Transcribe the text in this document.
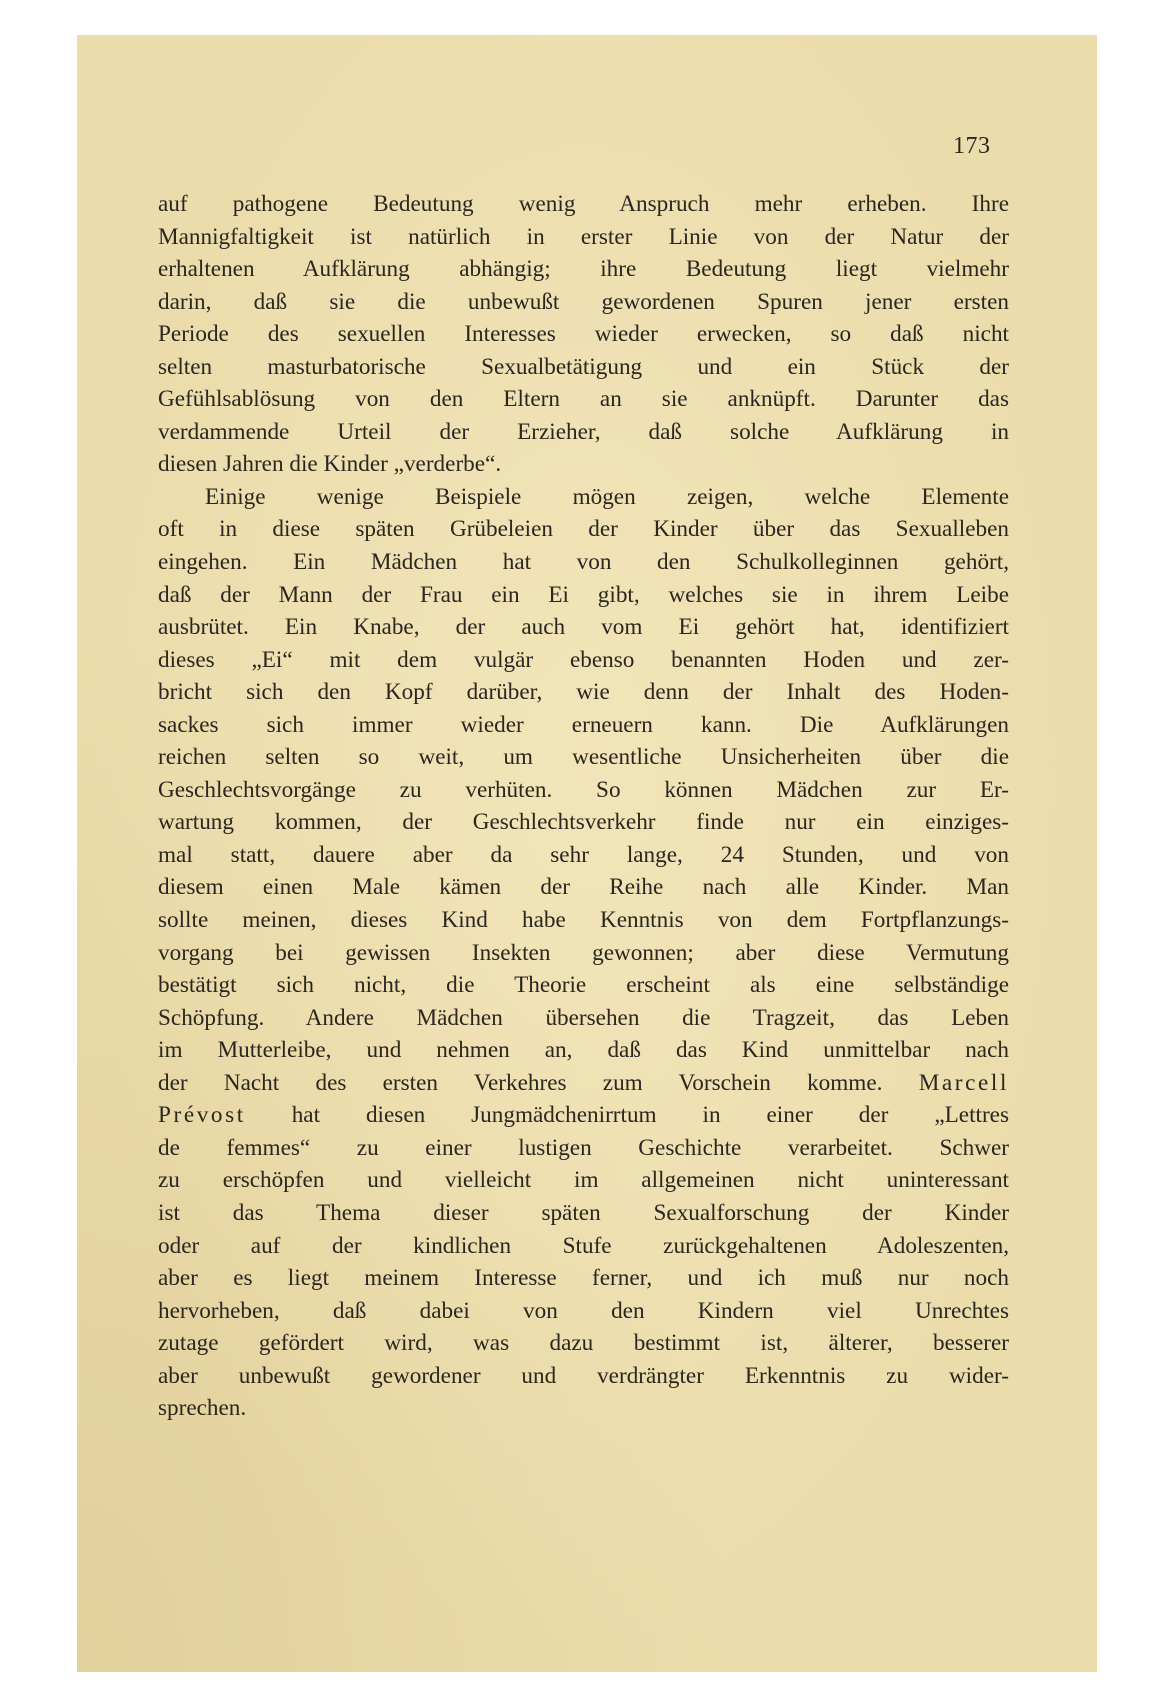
173
auf pathogene Bedeutung wenig Anspruch mehr erheben. Ihre
Mannigfaltigkeit ist natürlich in erster Linie von der Natur der
erhaltenen Aufklärung abhängig; ihre Bedeutung liegt vielmehr
darin, daß sie die unbewußt gewordenen Spuren jener ersten
Periode des sexuellen Interesses wieder erwecken, so daß nicht
selten masturbatorische Sexualbetätigung und ein Stück der
Gefühlsablösung von den Eltern an sie anknüpft. Darunter das
verdammende Urteil der Erzieher, daß solche Aufklärung in
diesen Jahren die Kinder „verderbe“.
Einige wenige Beispiele mögen zeigen, welche Elemente
oft in diese späten Grübeleien der Kinder über das Sexualleben
eingehen. Ein Mädchen hat von den Schulkolleginnen gehört,
daß der Mann der Frau ein Ei gibt, welches sie in ihrem Leibe
ausbrütet. Ein Knabe, der auch vom Ei gehört hat, identifiziert
dieses „Ei“ mit dem vulgär ebenso benannten Hoden und zer-
bricht sich den Kopf darüber, wie denn der Inhalt des Hoden-
sackes sich immer wieder erneuern kann. Die Aufklärungen
reichen selten so weit, um wesentliche Unsicherheiten über die
Geschlechtsvorgänge zu verhüten. So können Mädchen zur Er-
wartung kommen, der Geschlechtsverkehr finde nur ein einziges-
mal statt, dauere aber da sehr lange, 24 Stunden, und von
diesem einen Male kämen der Reihe nach alle Kinder. Man
sollte meinen, dieses Kind habe Kenntnis von dem Fortpflanzungs-
vorgang bei gewissen Insekten gewonnen; aber diese Vermutung
bestätigt sich nicht, die Theorie erscheint als eine selbständige
Schöpfung. Andere Mädchen übersehen die Tragzeit, das Leben
im Mutterleibe, und nehmen an, daß das Kind unmittelbar nach
der Nacht des ersten Verkehres zum Vorschein komme. Marcell
Prévost hat diesen Jungmädchenirrtum in einer der „Lettres
de femmes“ zu einer lustigen Geschichte verarbeitet. Schwer
zu erschöpfen und vielleicht im allgemeinen nicht uninteressant
ist das Thema dieser späten Sexualforschung der Kinder
oder auf der kindlichen Stufe zurückgehaltenen Adoleszenten,
aber es liegt meinem Interesse ferner, und ich muß nur noch
hervorheben, daß dabei von den Kindern viel Unrechtes
zutage gefördert wird, was dazu bestimmt ist, älterer, besserer
aber unbewußt gewordener und verdrängter Erkenntnis zu wider-
sprechen.
